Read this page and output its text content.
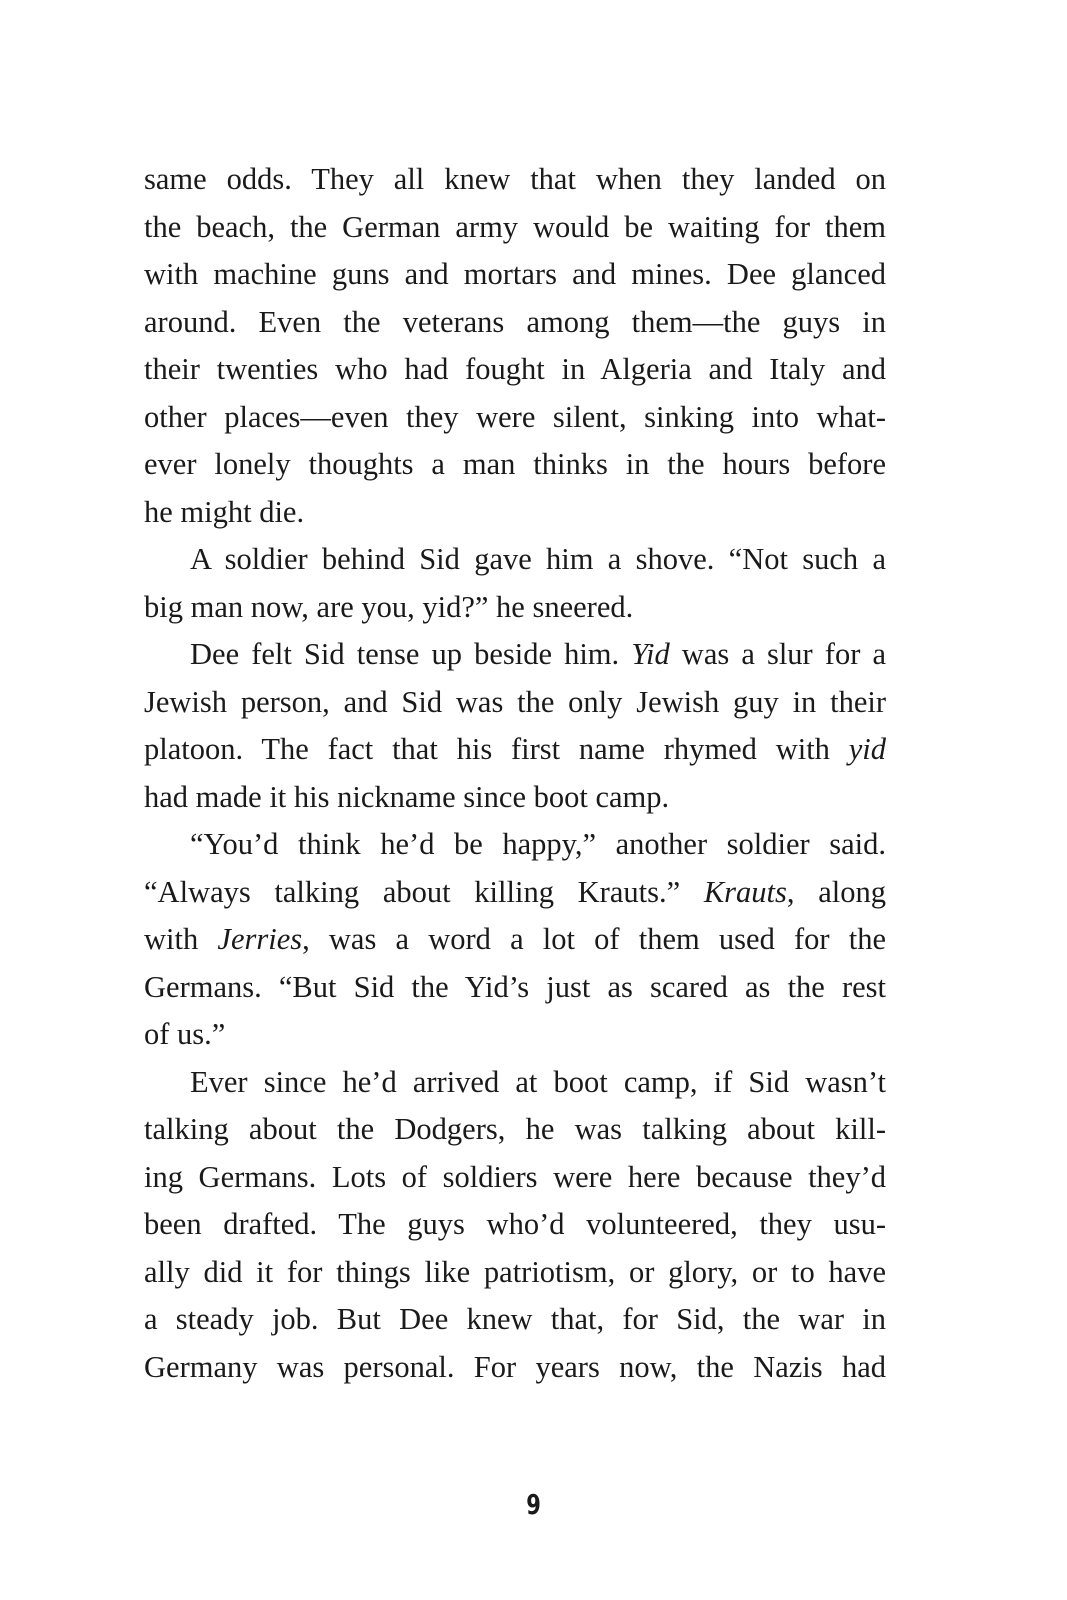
same odds. They all knew that when they landed on
the beach, the German army would be waiting for them
with machine guns and mortars and mines. Dee glanced
around. Even the veterans among them—the guys in
their twenties who had fought in Algeria and Italy and
other places—even they were silent, sinking into what-
ever lonely thoughts a man thinks in the hours before
he might die.
A soldier behind Sid gave him a shove. “Not such a
big man now, are you, yid?” he sneered.
Dee felt Sid tense up beside him. Yid was a slur for a
Jewish person, and Sid was the only Jewish guy in their
platoon. The fact that his first name rhymed with yid
had made it his nickname since boot camp.
“You’d think he’d be happy,” another soldier said.
“Always talking about killing Krauts.” Krauts, along
with Jerries, was a word a lot of them used for the
Germans. “But Sid the Yid’s just as scared as the rest
of us.”
Ever since he’d arrived at boot camp, if Sid wasn’t
talking about the Dodgers, he was talking about kill-
ing Germans. Lots of soldiers were here because they’d
been drafted. The guys who’d volunteered, they usu-
ally did it for things like patriotism, or glory, or to have
a steady job. But Dee knew that, for Sid, the war in
Germany was personal. For years now, the Nazis had
9
